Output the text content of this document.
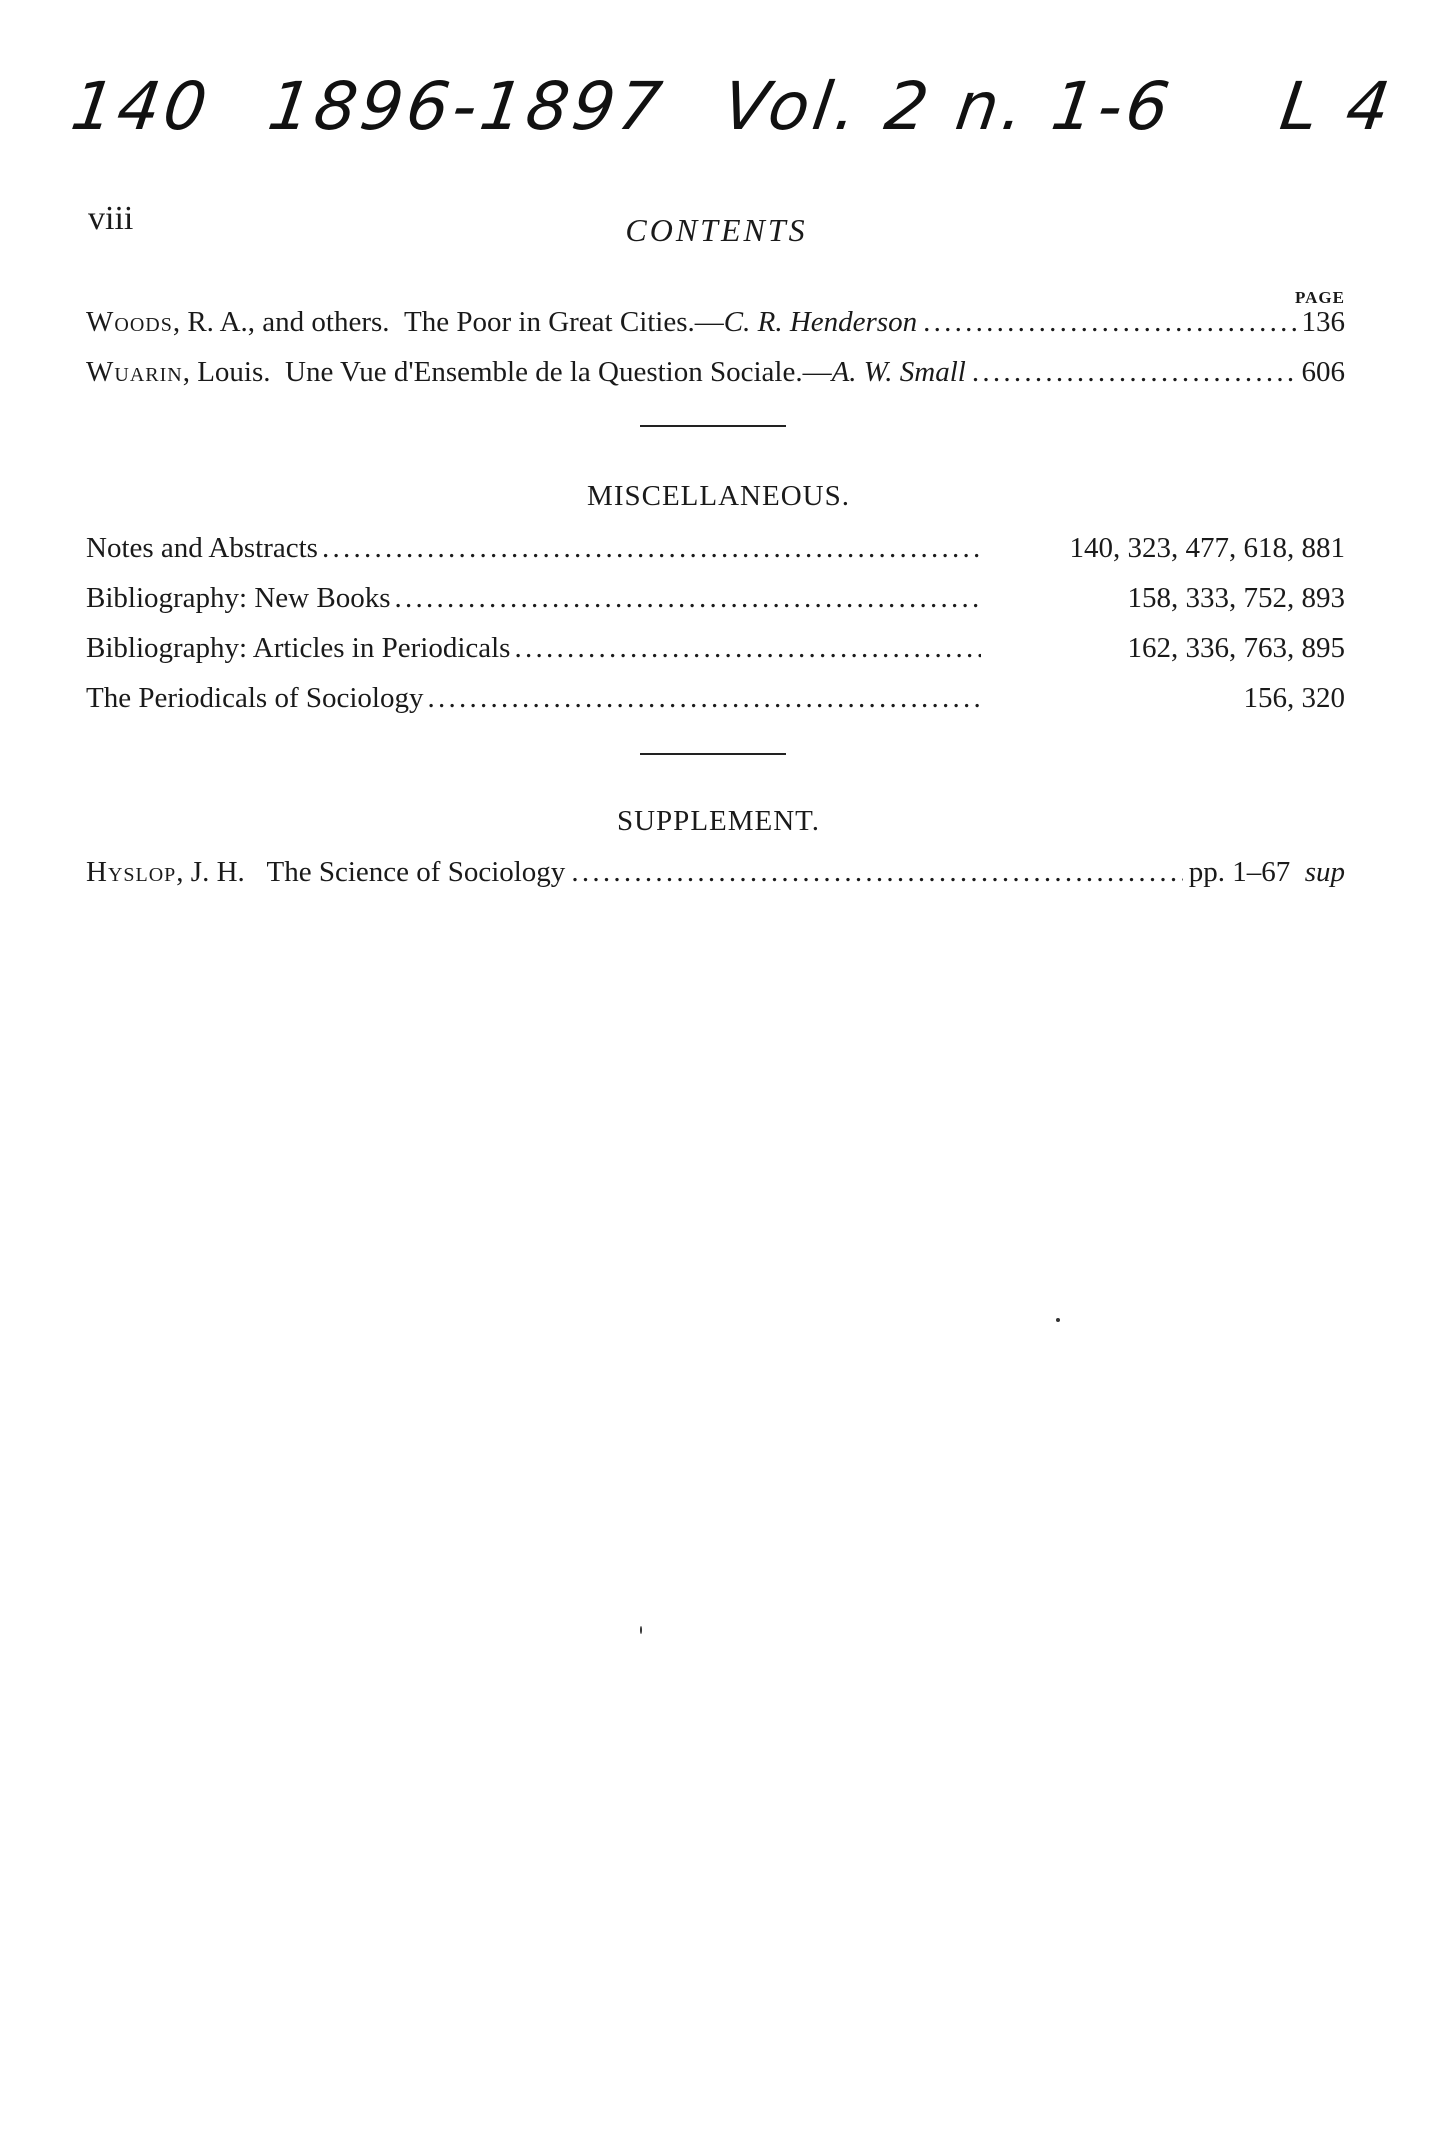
140 1896-1897 Vol. 2 n. 1-6 L 4
viii	CONTENTS
PAGE
Woods, R. A., and others. The Poor in Great Cities.—C. R. Henderson . . .	136
Wuarin, Louis. Une Vue d'Ensemble de la Question Sociale.—A. W. Small . . .	606
MISCELLANEOUS.
Notes and Abstracts . . .	140, 323, 477, 618, 881
Bibliography: New Books . . .	158, 333, 752, 893
Bibliography: Articles in Periodicals . . .	162, 336, 763, 895
The Periodicals of Sociology . . .	156, 320
SUPPLEMENT.
Hyslop, J. H. The Science of Sociology . . .	pp. 1–67 sup
